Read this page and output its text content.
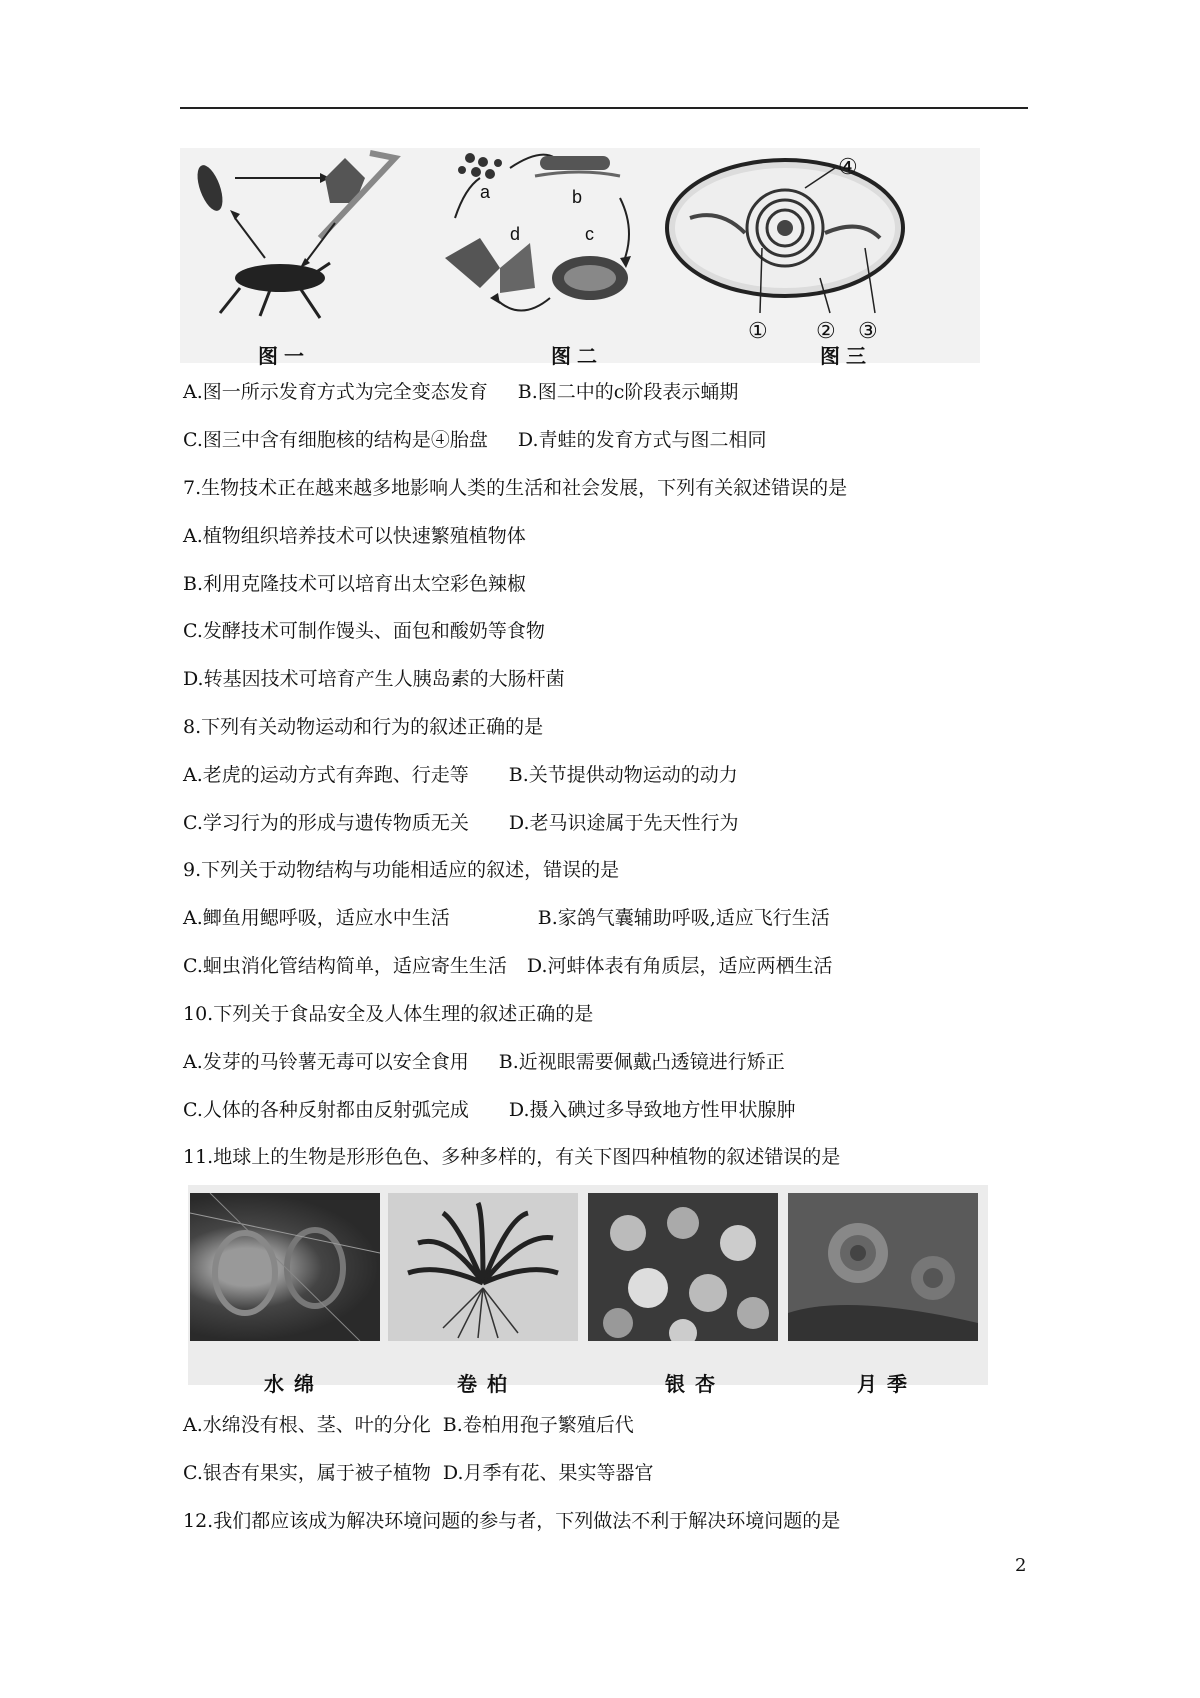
a	b
c
d
④
① ② ③
图一	图二	图三
A.图一所示发育方式为完全变态发育 B.图二中的c阶段表示蛹期
C.图三中含有细胞核的结构是④胎盘 D.青蛙的发育方式与图二相同
7.生物技术正在越来越多地影响人类的生活和社会发展，下列有关叙述错误的是
A.植物组织培养技术可以快速繁殖植物体
B.利用克隆技术可以培育出太空彩色辣椒
C.发酵技术可制作馒头、面包和酸奶等食物
D.转基因技术可培育产生人胰岛素的大肠杆菌
8.下列有关动物运动和行为的叙述正确的是
A.老虎的运动方式有奔跑、行走等 B.关节提供动物运动的动力
C.学习行为的形成与遗传物质无关 D.老马识途属于先天性行为
9.下列关于动物结构与功能相适应的叙述，错误的是
A.鲫鱼用鳃呼吸，适应水中生活	B.家鸽气囊辅助呼吸,适应飞行生活
C.蛔虫消化管结构简单，适应寄生生活 D.河蚌体表有角质层，适应两栖生活
10.下列关于食品安全及人体生理的叙述正确的是
A.发芽的马铃薯无毒可以安全食用 B.近视眼需要佩戴凸透镜进行矫正
C.人体的各种反射都由反射弧完成 D.摄入碘过多导致地方性甲状腺肿
11.地球上的生物是形形色色、多种多样的，有关下图四种植物的叙述错误的是
水绵	卷柏	银杏	月季
A.水绵没有根、茎、叶的分化 B.卷柏用孢子繁殖后代
C.银杏有果实，属于被子植物 D.月季有花、果实等器官
12.我们都应该成为解决环境问题的参与者，下列做法不利于解决环境问题的是
2
